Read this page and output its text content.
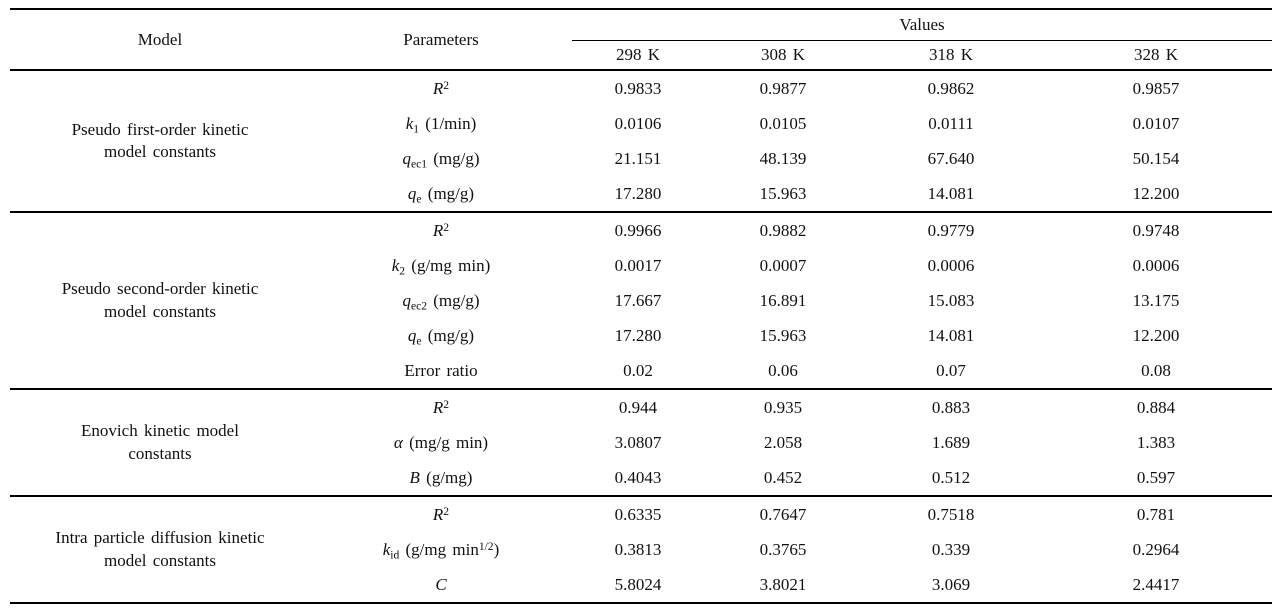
Model	Parameters	Values			
		298 K	308 K	318 K	328 K
Pseudo first-order kinetic
model constants	$R^2$	0.9833	0.9877	0.9862	0.9857
	$k_1$ (1/min)	0.0106	0.0105	0.0111	0.0107
	$q_{ec1}$ (mg/g)	21.151	48.139	67.640	50.154
	$q_e$ (mg/g)	17.280	15.963	14.081	12.200
Pseudo second-order kinetic
model constants	$R^2$	0.9966	0.9882	0.9779	0.9748
	$k_2$ (g/mg min)	0.0017	0.0007	0.0006	0.0006
	$q_{ec2}$ (mg/g)	17.667	16.891	15.083	13.175
	$q_e$ (mg/g)	17.280	15.963	14.081	12.200
	Error ratio	0.02	0.06	0.07	0.08
Enovich kinetic model
constants	$R^2$	0.944	0.935	0.883	0.884
	α (mg/g min)	3.0807	2.058	1.689	1.383
	B (g/mg)	0.4043	0.452	0.512	0.597
Intra particle diffusion kinetic
model constants	$R^2$	0.6335	0.7647	0.7518	0.781
	$k_{id}$ (g/mg $\min^{1/2}$)	0.3813	0.3765	0.339	0.2964
	C	5.8024	3.8021	3.069	2.4417
